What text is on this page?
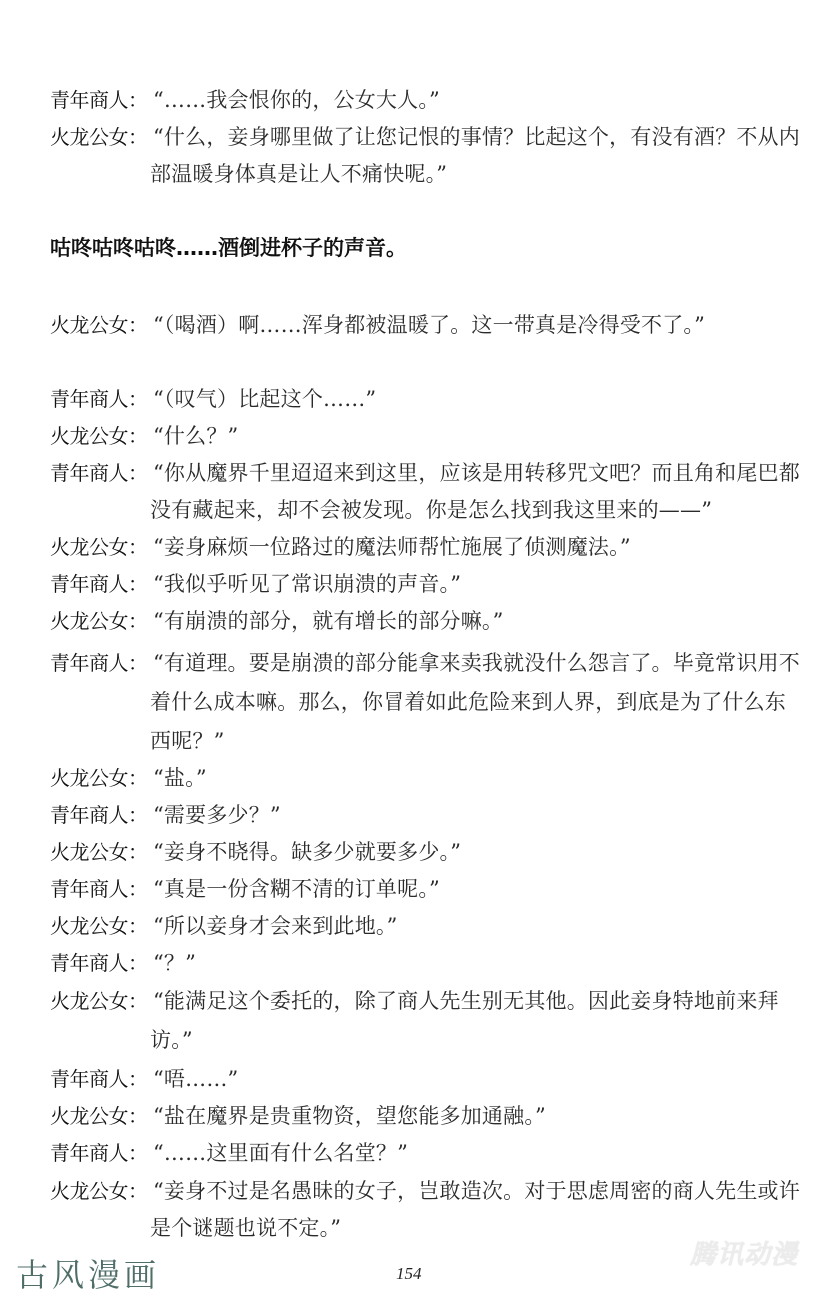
青年商人： “……我会恨你的，公女大人。”
火龙公女： “什么，妾身哪里做了让您记恨的事情？比起这个，有没有酒？不从内
部温暖身体真是让人不痛快呢。”
咕咚咕咚咕咚……酒倒进杯子的声音。
火龙公女： “（喝酒）啊……浑身都被温暖了。这一带真是冷得受不了。”
青年商人： “（叹气）比起这个……”
火龙公女： “什么？”
青年商人： “你从魔界千里迢迢来到这里，应该是用转移咒文吧？而且角和尾巴都
没有藏起来，却不会被发现。你是怎么找到我这里来的——”
火龙公女： “妾身麻烦一位路过的魔法师帮忙施展了侦测魔法。”
青年商人： “我似乎听见了常识崩溃的声音。”
火龙公女： “有崩溃的部分，就有增长的部分嘛。”
青年商人： “有道理。要是崩溃的部分能拿来卖我就没什么怨言了。毕竟常识用不
着什么成本嘛。那么，你冒着如此危险来到人界，到底是为了什么东
西呢？”
火龙公女： “盐。”
青年商人： “需要多少？”
火龙公女： “妾身不晓得。缺多少就要多少。”
青年商人： “真是一份含糊不清的订单呢。”
火龙公女： “所以妾身才会来到此地。”
青年商人： “？”
火龙公女： “能满足这个委托的，除了商人先生别无其他。因此妾身特地前来拜
访。”
青年商人： “唔……”
火龙公女： “盐在魔界是贵重物资，望您能多加通融。”
青年商人： “……这里面有什么名堂？”
火龙公女： “妾身不过是名愚昧的女子，岂敢造次。对于思虑周密的商人先生或许
是个谜题也说不定。”
古风漫画	154
腾讯动漫
